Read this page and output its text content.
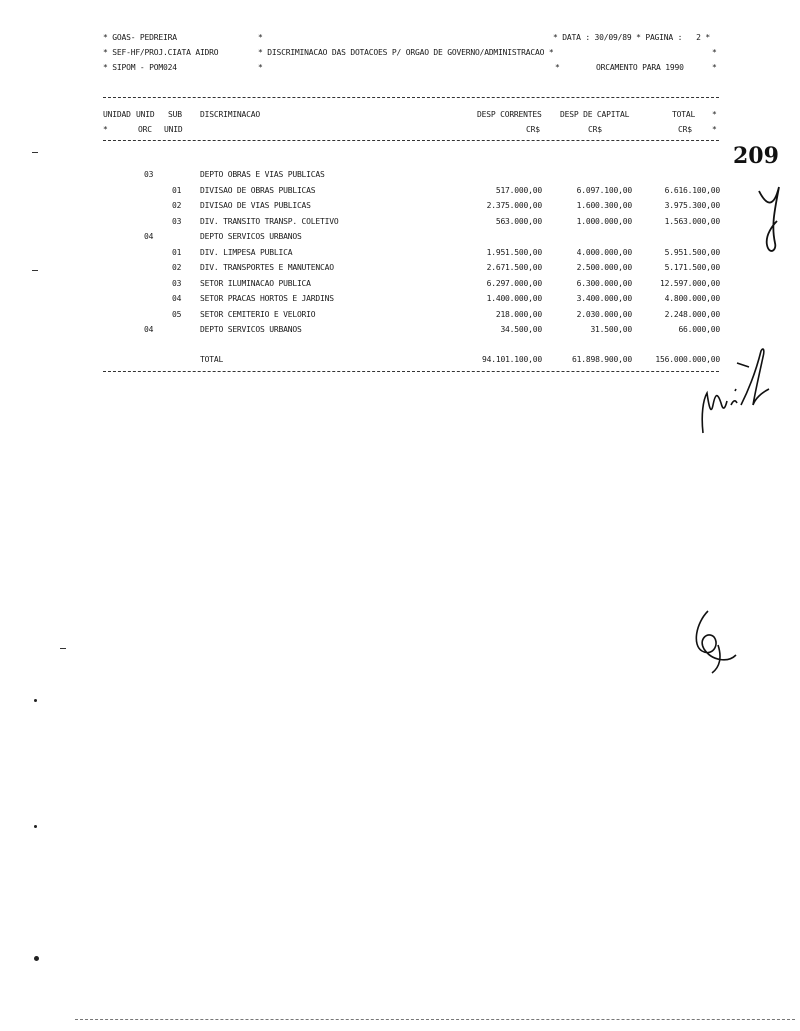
* GOAS- PEDREIRA	*	* DATA : 30/09/89 * PAGINA :   2 *
* SEF-HF/PROJ.CIATA AIDRO	* DISCRIMINACAO DAS DOTACOES P/ ORGAO DE GOVERNO/ADMINISTRACAO *	*
* SIPOM - POM024	*	*	ORCAMENTO PARA 1990	*
UNIDAD UNID SUB DISCRIMINACAO	DESP CORRENTES DESP DE CAPITAL	TOTAL *
*	ORC UNID	CR$	CR$	CR$	*
03	DEPTO OBRAS E VIAS PUBLICAS
01 DIVISAO DE OBRAS PUBLICAS	517.000,00	6.097.100,00	6.616.100,00
02 DIVISAO DE VIAS PUBLICAS	2.375.000,00	1.600.300,00	3.975.300,00
03 DIV. TRANSITO TRANSP. COLETIVO	563.000,00	1.000.000,00	1.563.000,00
04	DEPTO SERVICOS URBANOS
01 DIV. LIMPESA PUBLICA	1.951.500,00	4.000.000,00	5.951.500,00
02 DIV. TRANSPORTES E MANUTENCAO	2.671.500,00	2.500.000,00	5.171.500,00
03 SETOR ILUMINACAO PUBLICA	6.297.000,00	6.300.000,00	12.597.000,00
04 SETOR PRACAS HORTOS E JARDINS	1.400.000,00	3.400.000,00	4.800.000,00
05 SETOR CEMITERIO E VELORIO	218.000,00	2.030.000,00	2.248.000,00
04	DEPTO SERVICOS URBANOS	34.500,00	31.500,00	66.000,00
TOTAL	94.101.100,00	61.898.900,00	156.000.000,00
209
